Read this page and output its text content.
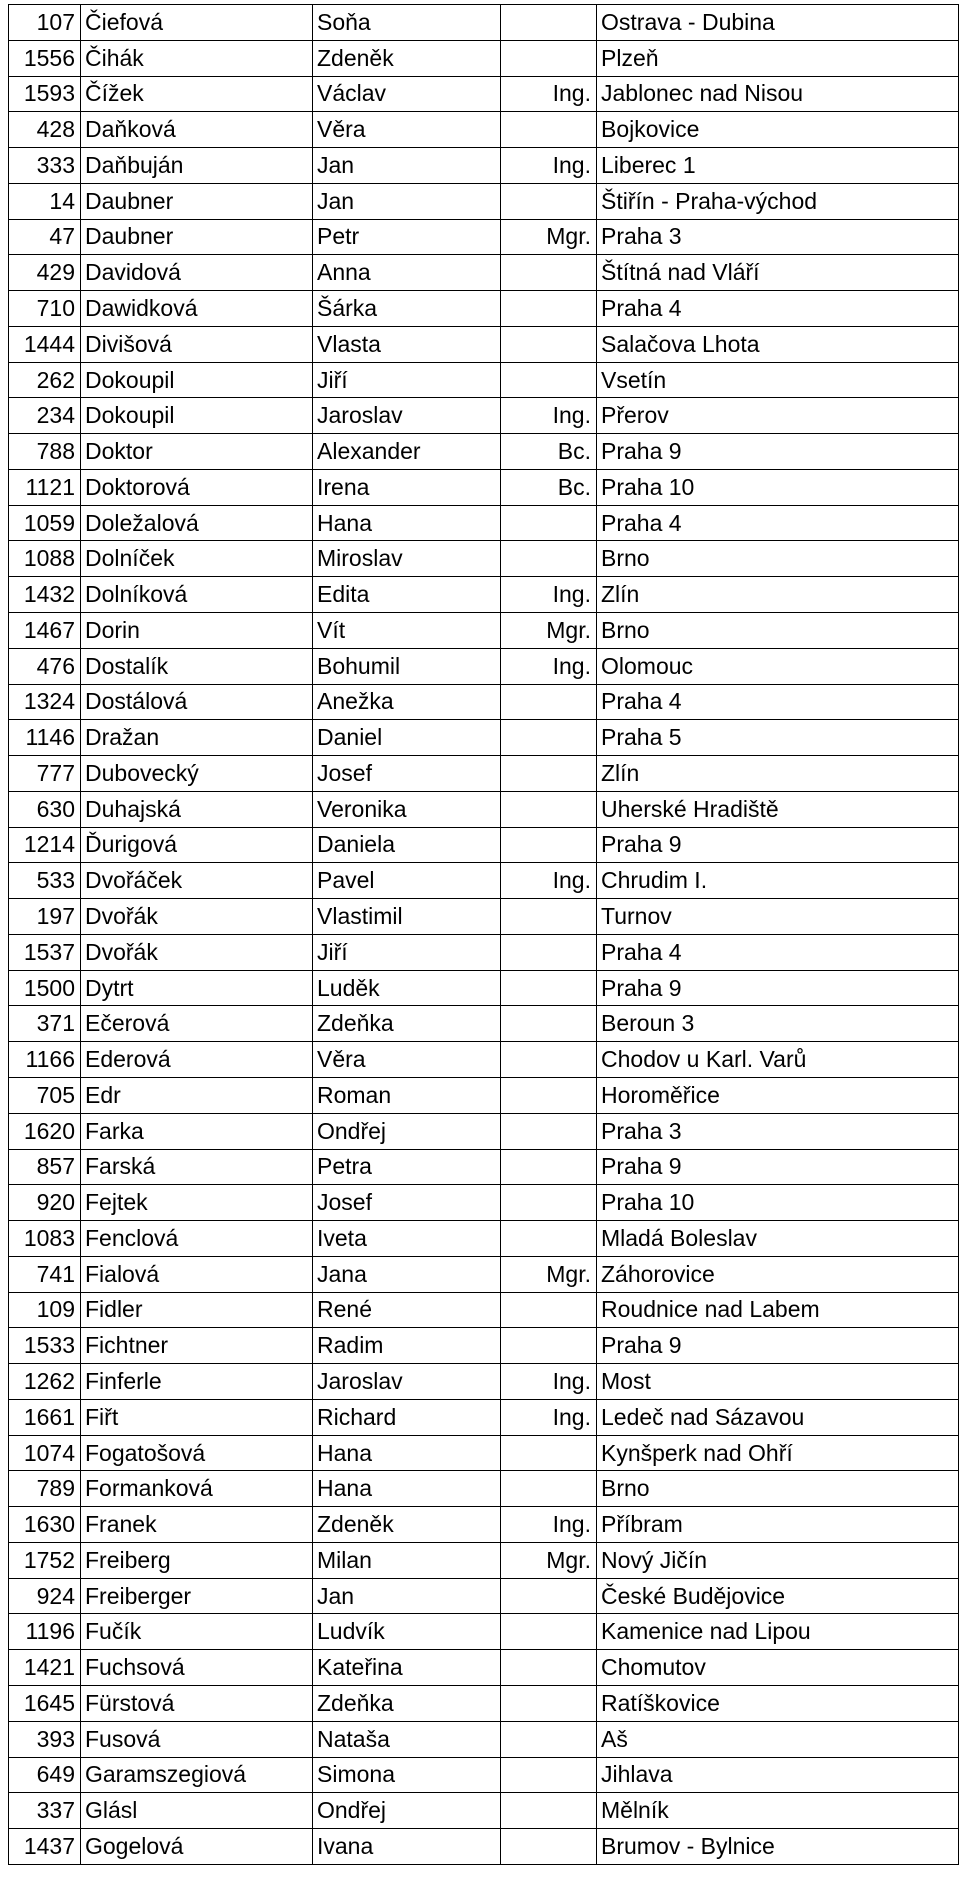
107	Čiefová	Soňa		Ostrava - Dubina
1556	Čihák	Zdeněk		Plzeň
1593	Čížek	Václav	Ing.	Jablonec nad Nisou
428	Daňková	Věra		Bojkovice
333	Daňbuján	Jan	Ing.	Liberec 1
14	Daubner	Jan		Štiřín - Praha-východ
47	Daubner	Petr	Mgr.	Praha 3
429	Davidová	Anna		Štítná nad Vláří
710	Dawidková	Šárka		Praha 4
1444	Divišová	Vlasta		Salačova Lhota
262	Dokoupil	Jiří		Vsetín
234	Dokoupil	Jaroslav	Ing.	Přerov
788	Doktor	Alexander	Bc.	Praha 9
1121	Doktorová	Irena	Bc.	Praha 10
1059	Doležalová	Hana		Praha 4
1088	Dolníček	Miroslav		Brno
1432	Dolníková	Edita	Ing.	Zlín
1467	Dorin	Vít	Mgr.	Brno
476	Dostalík	Bohumil	Ing.	Olomouc
1324	Dostálová	Anežka		Praha 4
1146	Dražan	Daniel		Praha 5
777	Dubovecký	Josef		Zlín
630	Duhajská	Veronika		Uherské Hradiště
1214	Ďurigová	Daniela		Praha 9
533	Dvořáček	Pavel	Ing.	Chrudim I.
197	Dvořák	Vlastimil		Turnov
1537	Dvořák	Jiří		Praha 4
1500	Dytrt	Luděk		Praha 9
371	Ečerová	Zdeňka		Beroun 3
1166	Ederová	Věra		Chodov u Karl. Varů
705	Edr	Roman		Horoměřice
1620	Farka	Ondřej		Praha 3
857	Farská	Petra		Praha 9
920	Fejtek	Josef		Praha 10
1083	Fenclová	Iveta		Mladá Boleslav
741	Fialová	Jana	Mgr.	Záhorovice
109	Fidler	René		Roudnice nad Labem
1533	Fichtner	Radim		Praha 9
1262	Finferle	Jaroslav	Ing.	Most
1661	Fiřt	Richard	Ing.	Ledeč nad Sázavou
1074	Fogatošová	Hana		Kynšperk nad Ohří
789	Formanková	Hana		Brno
1630	Franek	Zdeněk	Ing.	Příbram
1752	Freiberg	Milan	Mgr.	Nový Jičín
924	Freiberger	Jan		České Budějovice
1196	Fučík	Ludvík		Kamenice nad Lipou
1421	Fuchsová	Kateřina		Chomutov
1645	Fürstová	Zdeňka		Ratíškovice
393	Fusová	Nataša		Aš
649	Garamszegiová	Simona		Jihlava
337	Glásl	Ondřej		Mělník
1437	Gogelová	Ivana		Brumov - Bylnice
